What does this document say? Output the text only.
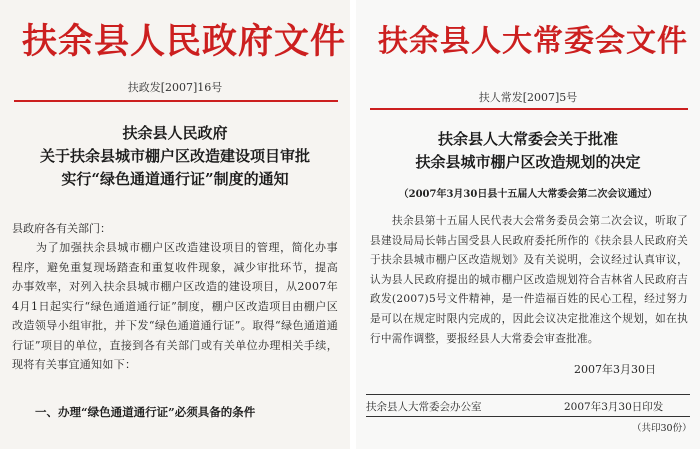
扶余县人民政府文件
扶政发[2007]16号
扶余县人民政府
关于扶余县城市棚户区改造建设项目审批
实行“绿色通道通行证”制度的通知
县政府各有关部门：
为了加强扶余县城市棚户区改造建设项目的管理，简化办事程序，避免重复现场踏查和重复收件现象，减少审批环节，提高办事效率，对列入扶余县城市棚户区改造的建设项目，从2007年4月1日起实行“绿色通道通行证”制度，棚户区改造项目由棚户区改造领导小组审批，并下发“绿色通道通行证”。取得“绿色通道通行证”项目的单位，直接到各有关部门或有关单位办理相关手续，现将有关事宜通知如下：
一、办理“绿色通道通行证”必须具备的条件
扶余县人大常委会文件
扶人常发[2007]5号
扶余县人大常委会关于批准
扶余县城市棚户区改造规划的决定
（2007年3月30日县十五届人大常委会第二次会议通过）
扶余县第十五届人民代表大会常务委员会第二次会议，听取了县建设局局长韩占国受县人民政府委托所作的《扶余县人民政府关于扶余县城市棚户区改造规划》及有关说明，会议经过认真审议，认为县人民政府提出的城市棚户区改造规划符合吉林省人民政府吉政发(2007)5号文件精神，是一件造福百姓的民心工程，经过努力是可以在规定时限内完成的，因此会议决定批准这个规划，如在执行中需作调整，要报经县人大常委会审查批准。
2007年3月30日
扶余县人大常委会办公室	2007年3月30日印发
（共印30份）
